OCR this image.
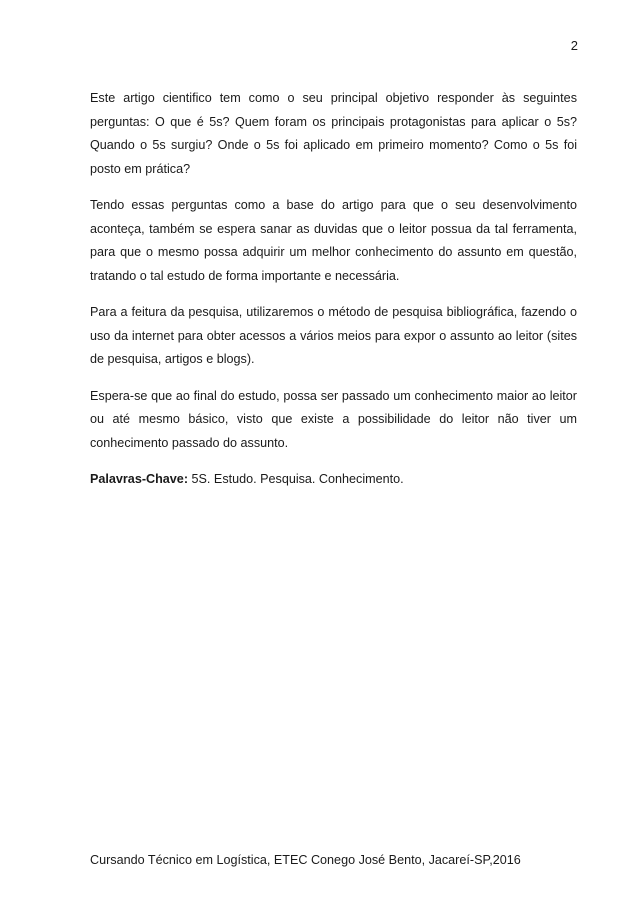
2

Este artigo cientifico tem como o seu principal objetivo responder às seguintes perguntas: O que é 5s? Quem foram os principais protagonistas para aplicar o 5s? Quando o 5s surgiu? Onde o 5s foi aplicado em primeiro momento? Como o 5s foi posto em prática?

Tendo essas perguntas como a base do artigo para que o seu desenvolvimento aconteça, também se espera sanar as duvidas que o leitor possua da tal ferramenta, para que o mesmo possa adquirir um melhor conhecimento do assunto em questão, tratando o tal estudo de forma importante e necessária.

Para a feitura da pesquisa, utilizaremos o método de pesquisa bibliográfica, fazendo o uso da internet para obter acessos a vários meios para expor o assunto ao leitor (sites de pesquisa, artigos e blogs).

Espera-se que ao final do estudo, possa ser passado um conhecimento maior ao leitor ou até mesmo básico, visto que existe a possibilidade do leitor não tiver um conhecimento passado do assunto.

Palavras-Chave: 5S. Estudo. Pesquisa. Conhecimento.

Cursando Técnico em Logística, ETEC Conego José Bento, Jacareí-SP,2016
